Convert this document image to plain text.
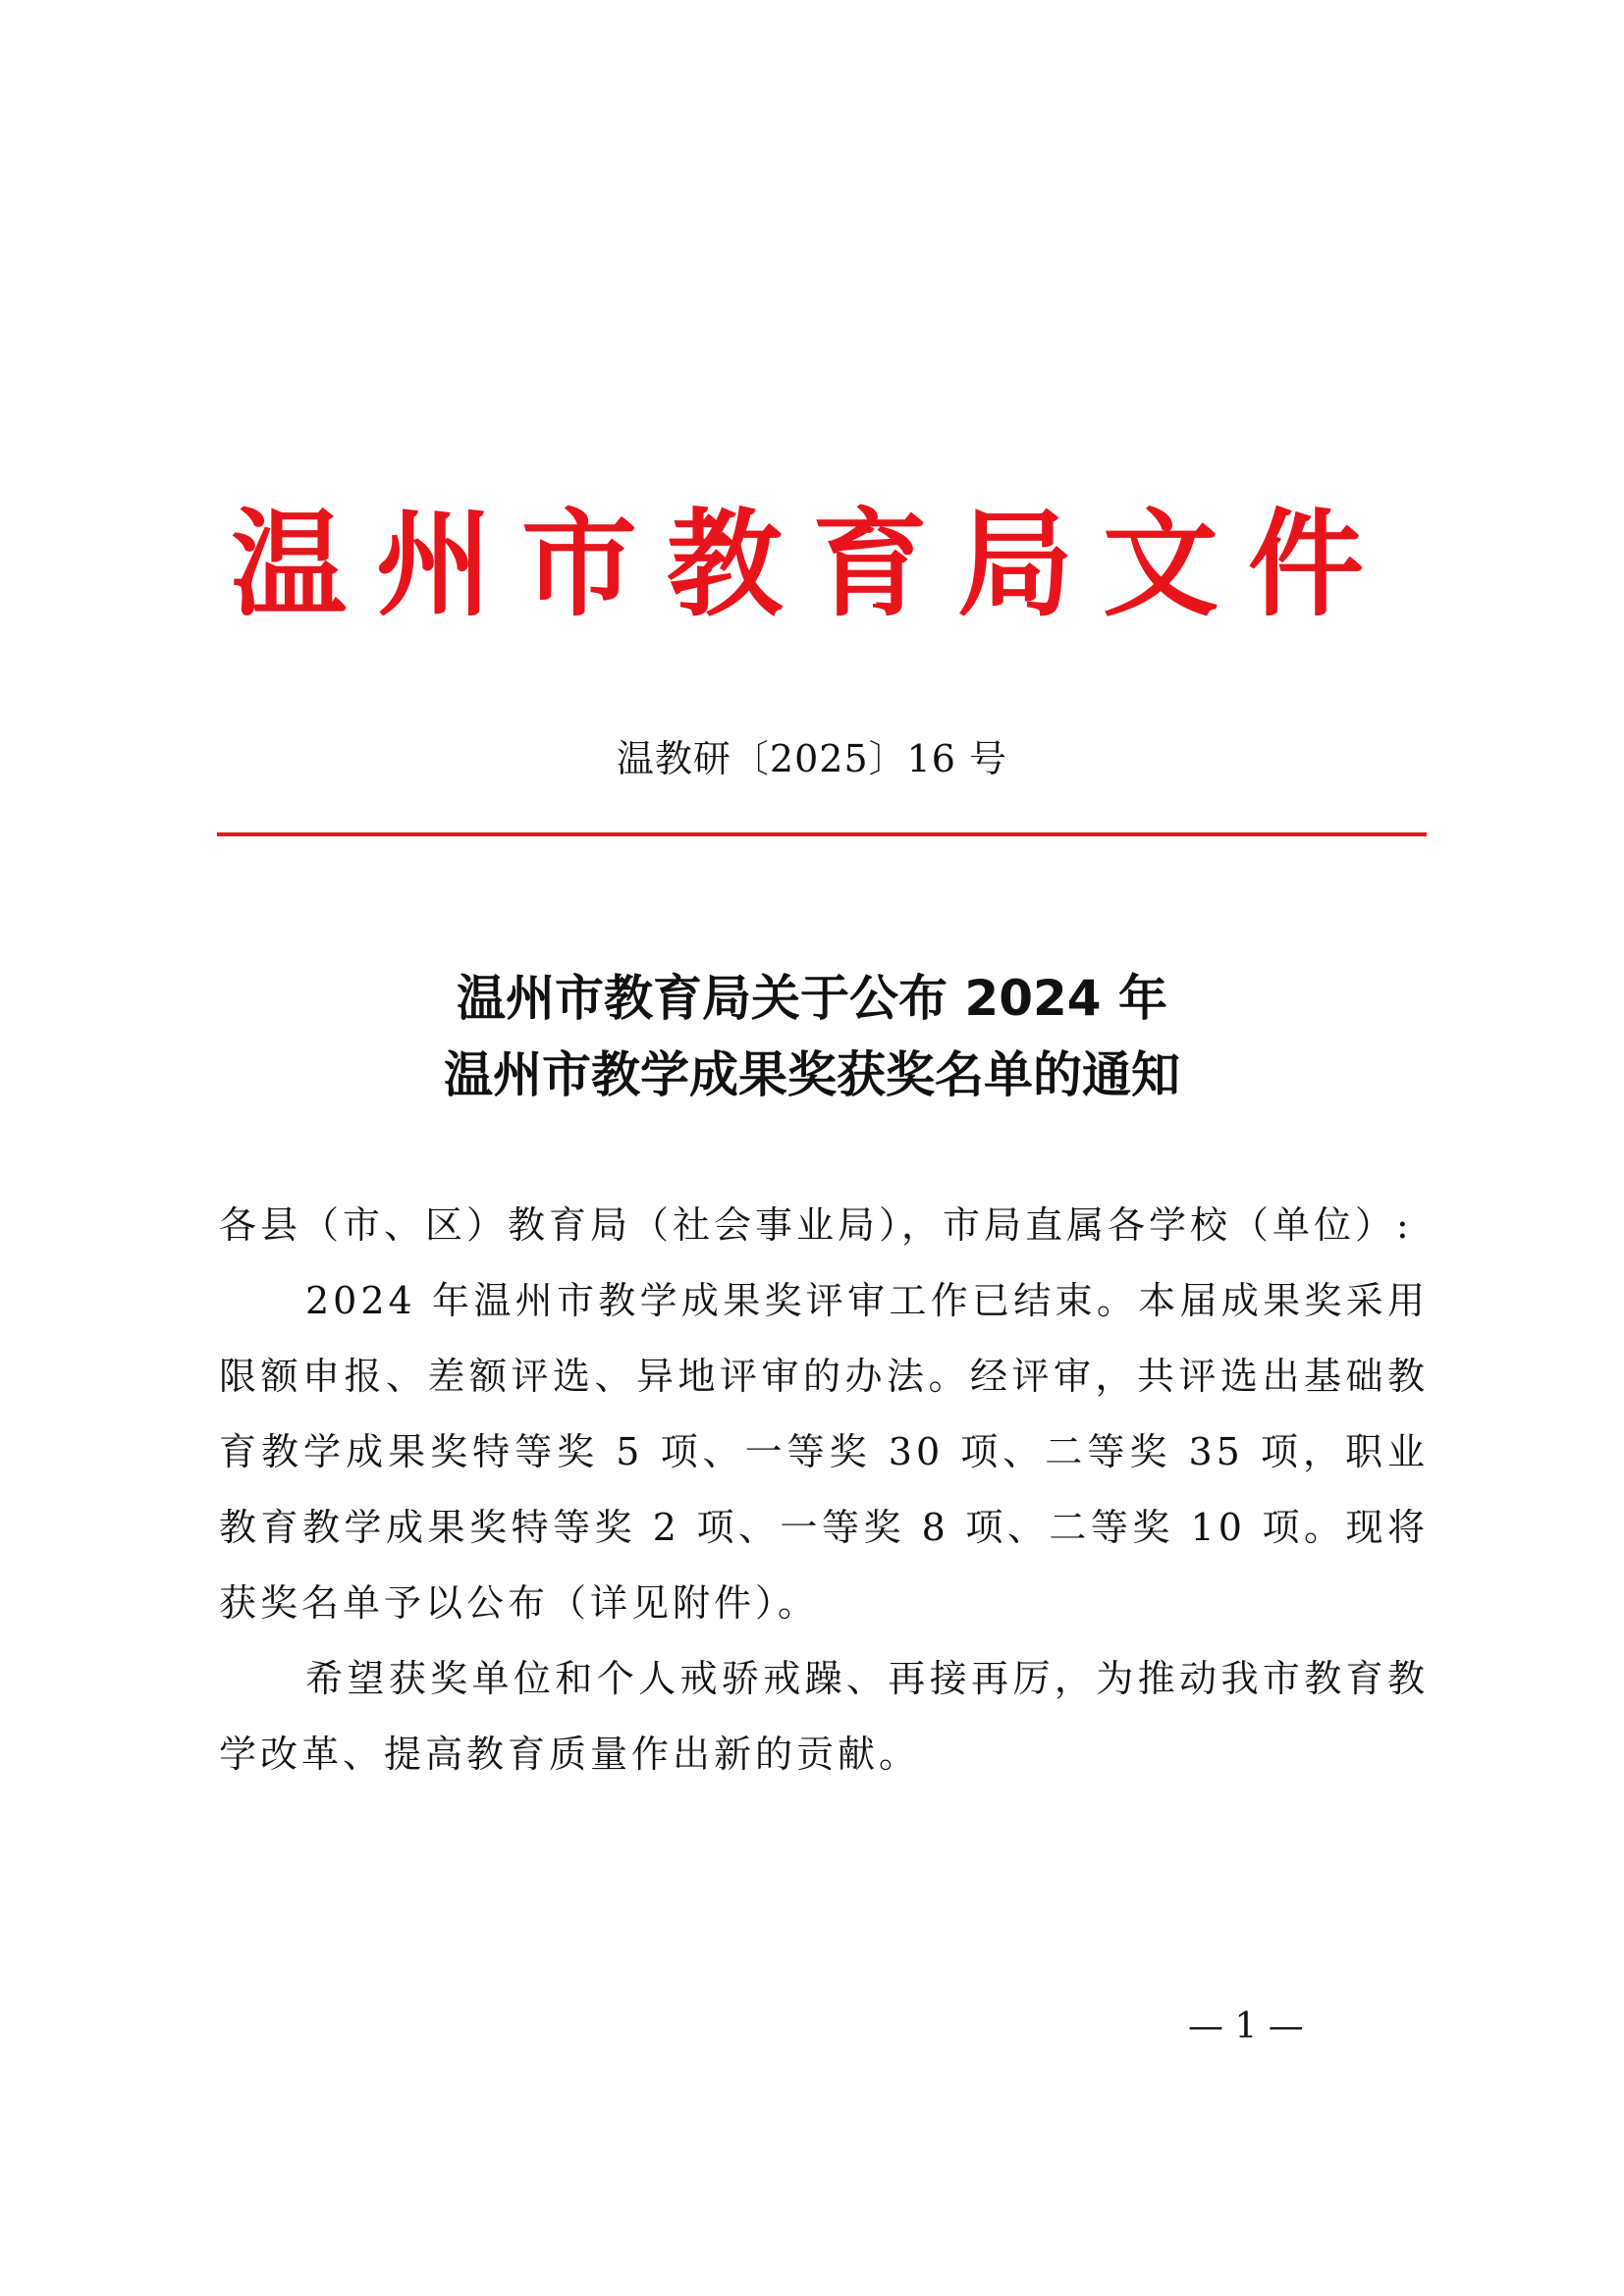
温州市教育局文件
温教研〔2025〕16 号
温州市教育局关于公布 2024 年
温州市教学成果奖获奖名单的通知

各县（市、区）教育局（社会事业局），市局直属各学校（单位）:

2024 年温州市教学成果奖评审工作已结束。本届成果奖采用限额申报、差额评选、异地评审的办法。经评审，共评选出基础教育教学成果奖特等奖 5 项、一等奖 30 项、二等奖 35 项，职业教育教学成果奖特等奖 2 项、一等奖 8 项、二等奖 10 项。现将获奖名单予以公布（详见附件）。

希望获奖单位和个人戒骄戒躁、再接再厉，为推动我市教育教学改革、提高教育质量作出新的贡献。

— 1 —
